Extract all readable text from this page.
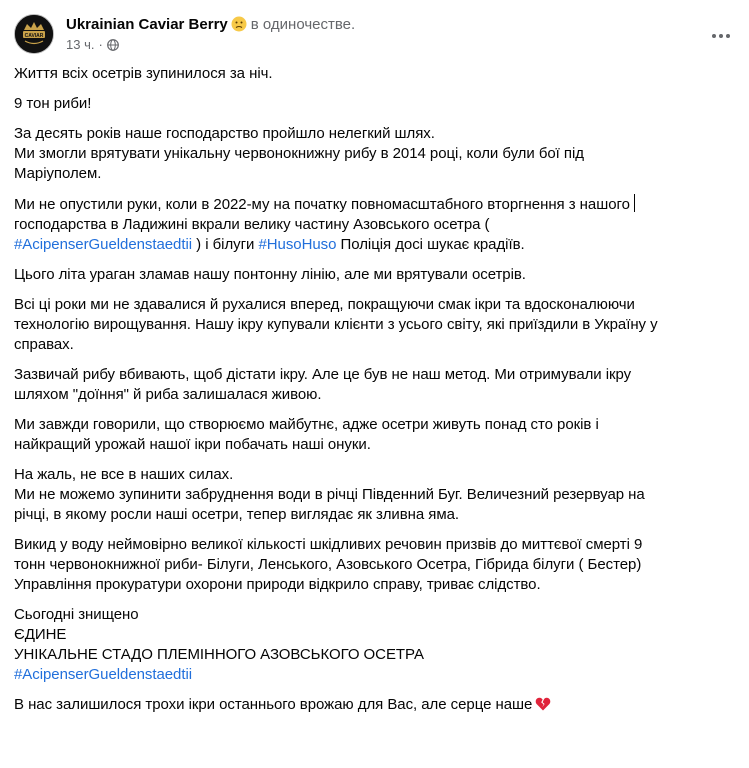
CAVIAR
Ukrainian Caviar Berry в одиночестве.
13 ч. ·

Життя всіх осетрів зупинилося за ніч.

9 тон риби!

За десять років наше господарство пройшло нелегкий шлях.
Ми змогли врятувати унікальну червонокнижну рибу в 2014 році, коли були бої під
Маріуполем.

Ми не опустили руки, коли в 2022-му на початку повномасштабного вторгнення з нашого
господарства в Ладижині вкрали велику частину Азовського осетра (
#AcipenserGueldenstaedtii ) і білуги #HusoHuso Поліція досі шукає крадіїв.

Цього літа ураган зламав нашу понтонну лінію, але ми врятували осетрів.

Всі ці роки ми не здавалися й рухалися вперед, покращуючи смак ікри та вдосконалюючи
технологію вирощування. Нашу ікру купували клієнти з усього світу, які приїздили в Україну у
справах.

Зазвичай рибу вбивають, щоб дістати ікру. Але це був не наш метод. Ми отримували ікру
шляхом "доїння" й риба залишалася живою.

Ми завжди говорили, що створюємо майбутнє, адже осетри живуть понад сто років і
найкращий урожай нашої ікри побачать наші онуки.

На жаль, не все в наших силах.
Ми не можемо зупинити забруднення води в річці Південний Буг. Величезний резервуар на
річці, в якому росли наші осетри, тепер виглядає як зливна яма.

Викид у воду неймовірно великої кількості шкідливих речовин призвів до миттєвої смерті 9
тонн червонокнижної риби- Білуги, Ленського, Азовського Осетра, Гібрида білуги ( Бестер)
Управління прокуратури охорони природи відкрило справу, триває слідство.

Сьогодні знищено
ЄДИНЕ
УНІКАЛЬНЕ СТАДО ПЛЕМІННОГО АЗОВСЬКОГО ОСЕТРА
#AcipenserGueldenstaedtii

В нас залишилося трохи ікри останнього врожаю для Вас, але серце наше
